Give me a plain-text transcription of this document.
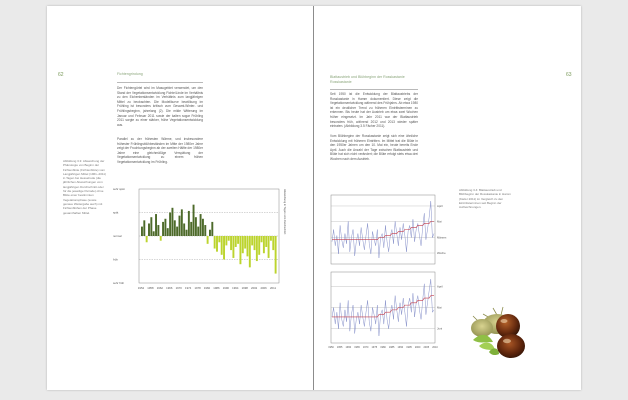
62	Fichtengrindung

Der Fichtengürtel wird im Masugebiet verwendet, um den Stand der Vegetationsentwicklung Fichte/Linde im Verhältnis zu den Eichenbeständen im Verhältnis zum langjährigen Mittel zu beobachten. Die Modellkurve bewölkung im Frühling ist besonders kritisch zum Gesamt-Winter- und Frühlingsbeginn, jahrelang (2). Die milde Witterung im Januar und Februar 2011 sowie der kalten sogar Frühling 2011 sorgte zu einer stärker, frühe Vegetationsentwicklung aus.

Parallel zu der frühesten Wärme, und insbesondere frühester Frühlingsblühbeständen im Mitte der 1980er Jahre zeigt der Fruchtungsbeginn ab der zweiten Hälfte der 1980er Jahre eine gleichmäßige Verspätung der Vegetationsentwicklung zu einem frühen Vegetationsentwicklung im Frühling.

Abbildung 3.3: Abweichung der Phänologie von Beginn der Fichtenblüte (Fichtenblüte) vom Langjährigen Mittel (1961–2011) in Tagen bei Hesselrode (die jährlichen Abweichungen vom langjährigen Durchschnitt oder für die jeweilige Periode) ohne Blüte einer bestimmten Vegetationsphase (sowie genaue Weitergabe auch) mit Fichtenblühen der Phase gesamthaften Mittel.

sehr früh
früh
normal
spät
sehr spät
1954 1958 1962 1966 1970 1974 1978 1982 1986 1990 1994 1998 2002 2006 2011
Abweichung in Tagen vom Durchschnitt
63
Blattaustrieb und Blühbeginn der Rosskastanie
Rosskastanie

Seit 1950 ist die Entwicklung der Blattaustriebs der Rosskastanie in Hamm dokumentiert. Diese zeigt die Vegetationsentwicklung während des Frühjahrs. Ab etwa 1980 ist ein deutlicher Trend zu früheren Eintrittsterminen zu erkennen. Bis heute hat der Austrieb um etwa zwei Wochen früher eingesetzt. Im Jahr 2011 war der Blattaustrieb besonders früh, während 2012 und 2013 wieder später eintraten. (Abbildung 3.5 Fächer 2011).

Vom Blühbeginn der Rosskastanie zeigt sich eine ähnliche Entwicklung mit früheren Eintritten. Im Mittel trat die Blüte in den 1950er Jahren um den 10. Mai ein, heute bereits Ende April. Auch die Anzahl der Tage zwischen Blattaustrieb und Blüte hat sich nicht verändert; die Blüte erfolgt stets etwa drei Wochen nach dem Austrieb.

Abbildung 3.4: Blattaustrieb und Blühbeginn der Rosskastanie in Hamm (Kiefer 2011) im Vergleich zu den Eintrittsterminen seit Beginn der Aufzeichnungen.

April
Mai
Märzen
Woche
April
Mai
Juni
1950 1955 1960 1965 1970 1975 1980 1985 1990 1995 2000 2005 2010
